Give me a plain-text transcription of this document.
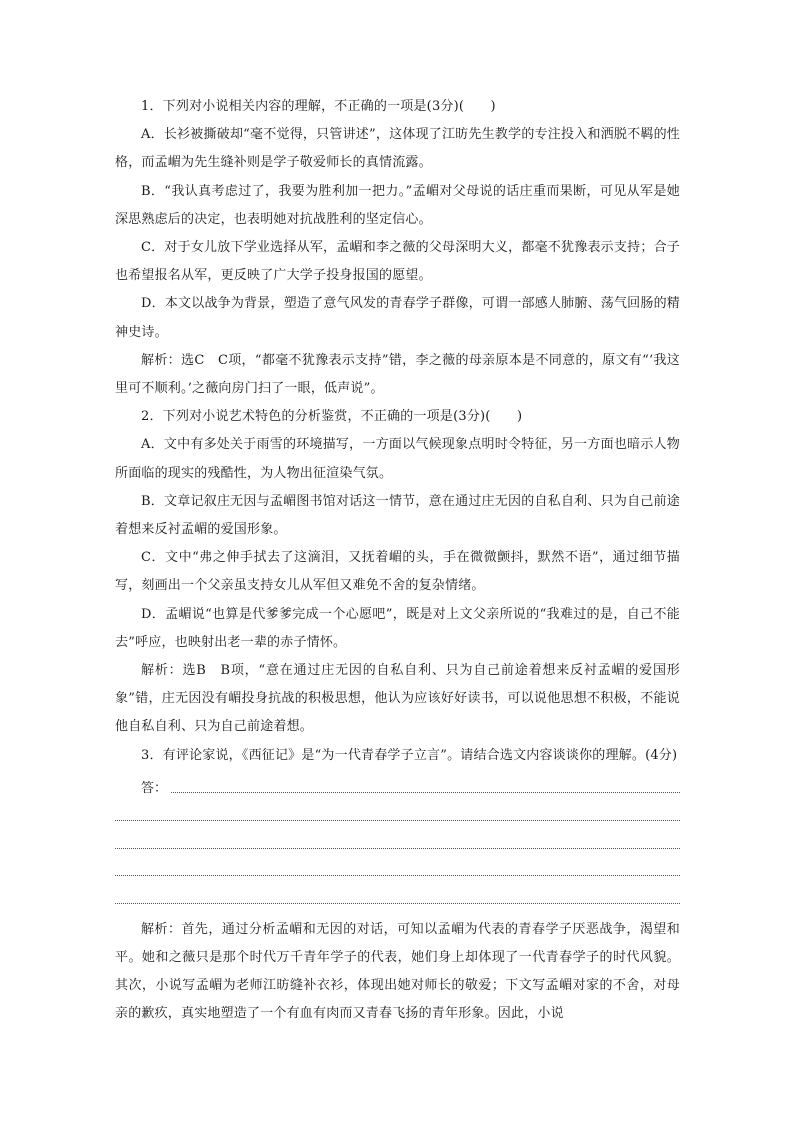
1．下列对小说相关内容的理解，不正确的一项是(3分)(　　)

A．长衫被撕破却“毫不觉得，只管讲述”，这体现了江昉先生教学的专注投入和洒脱不羁的性格，而孟嵋为先生缝补则是学子敬爱师长的真情流露。

B．“我认真考虑过了，我要为胜利加一把力。”孟嵋对父母说的话庄重而果断，可见从军是她深思熟虑后的决定，也表明她对抗战胜利的坚定信心。

C．对于女儿放下学业选择从军，孟嵋和李之薇的父母深明大义，都毫不犹豫表示支持；合子也希望报名从军，更反映了广大学子投身报国的愿望。

D．本文以战争为背景，塑造了意气风发的青春学子群像，可谓一部感人肺腑、荡气回肠的精神史诗。

解析：选C　C项，“都毫不犹豫表示支持”错，李之薇的母亲原本是不同意的，原文有“‘我这里可不顺利。’之薇向房门扫了一眼，低声说”。

2．下列对小说艺术特色的分析鉴赏，不正确的一项是(3分)(　　)

A．文中有多处关于雨雪的环境描写，一方面以气候现象点明时令特征，另一方面也暗示人物所面临的现实的残酷性，为人物出征渲染气氛。

B．文章记叙庄无因与孟嵋图书馆对话这一情节，意在通过庄无因的自私自利、只为自己前途着想来反衬孟嵋的爱国形象。

C．文中“弗之伸手拭去了这滴泪，又抚着嵋的头，手在微微颤抖，默然不语”，通过细节描写，刻画出一个父亲虽支持女儿从军但又难免不舍的复杂情绪。

D．孟嵋说“也算是代爹爹完成一个心愿吧”，既是对上文父亲所说的“我难过的是，自己不能去”呼应，也映射出老一辈的赤子情怀。

解析：选B　B项，“意在通过庄无因的自私自利、只为自己前途着想来反衬孟嵋的爱国形象”错，庄无因没有嵋投身抗战的积极思想，他认为应该好好读书，可以说他思想不积极，不能说他自私自利、只为自己前途着想。

3．有评论家说，《西征记》是“为一代青春学子立言”。请结合选文内容谈谈你的理解。(4分)

答：

解析：首先，通过分析孟嵋和无因的对话，可知以孟嵋为代表的青春学子厌恶战争，渴望和平。她和之薇只是那个时代万千青年学子的代表，她们身上却体现了一代青春学子的时代风貌。其次，小说写孟嵋为老师江昉缝补衣衫，体现出她对师长的敬爱；下文写孟嵋对家的不舍，对母亲的歉疚，真实地塑造了一个有血有肉而又青春飞扬的青年形象。因此，小说
